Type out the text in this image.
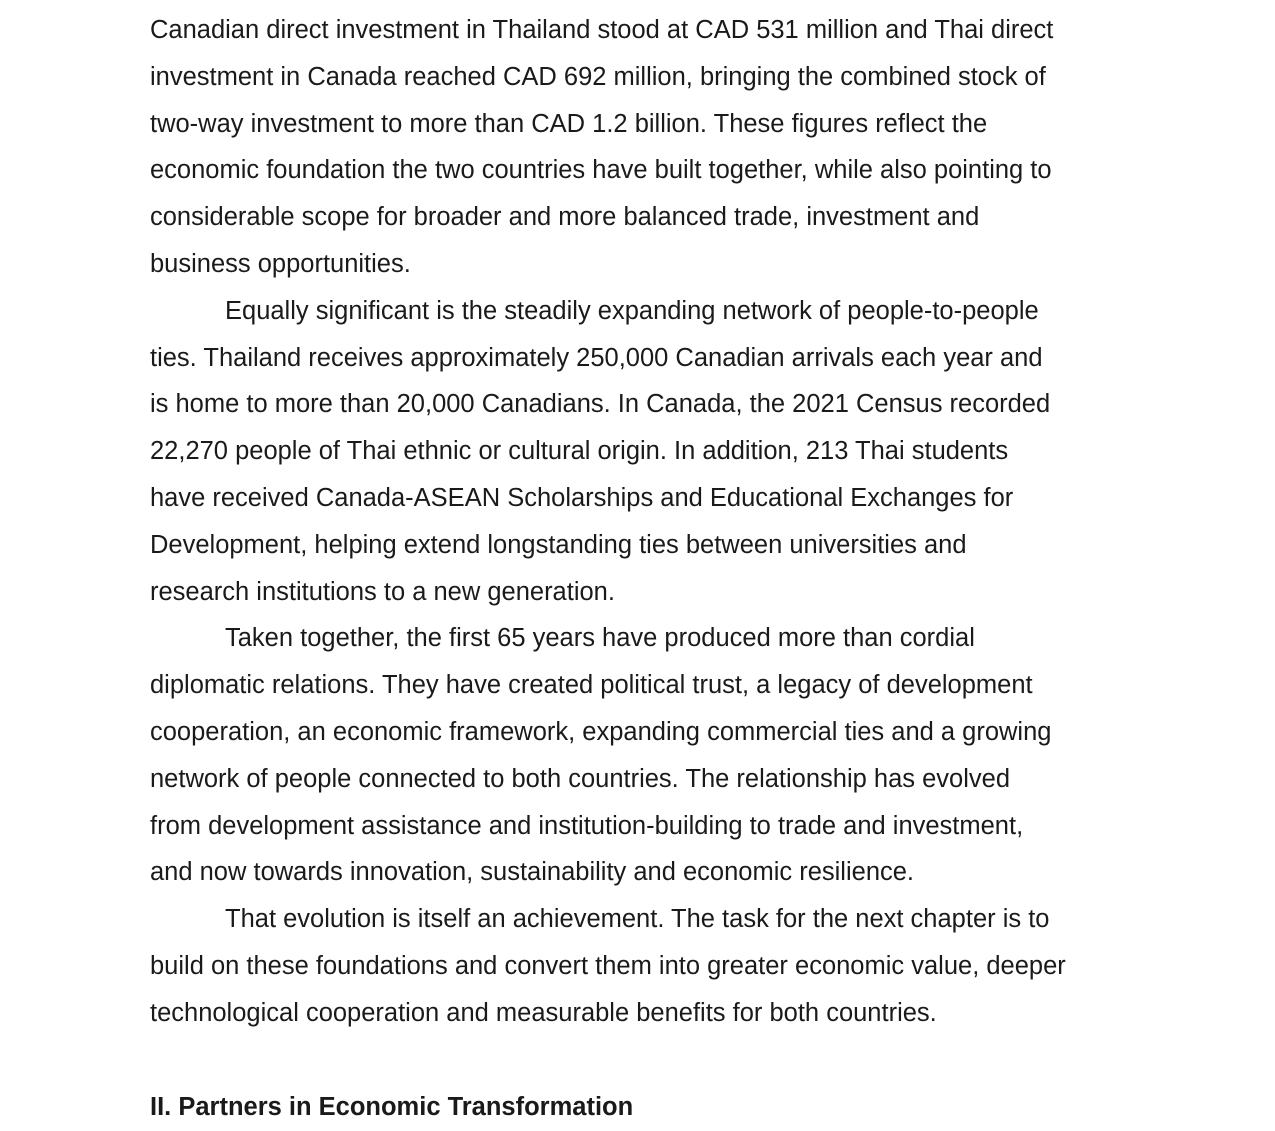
Canadian direct investment in Thailand stood at CAD 531 million and Thai direct
investment in Canada reached CAD 692 million, bringing the combined stock of
two-way investment to more than CAD 1.2 billion. These figures reflect the
economic foundation the two countries have built together, while also pointing to
considerable scope for broader and more balanced trade, investment and
business opportunities.

Equally significant is the steadily expanding network of people-to-people
ties. Thailand receives approximately 250,000 Canadian arrivals each year and
is home to more than 20,000 Canadians. In Canada, the 2021 Census recorded
22,270 people of Thai ethnic or cultural origin. In addition, 213 Thai students
have received Canada-ASEAN Scholarships and Educational Exchanges for
Development, helping extend longstanding ties between universities and
research institutions to a new generation.

Taken together, the first 65 years have produced more than cordial
diplomatic relations. They have created political trust, a legacy of development
cooperation, an economic framework, expanding commercial ties and a growing
network of people connected to both countries. The relationship has evolved
from development assistance and institution-building to trade and investment,
and now towards innovation, sustainability and economic resilience.

That evolution is itself an achievement. The task for the next chapter is to
build on these foundations and convert them into greater economic value, deeper
technological cooperation and measurable benefits for both countries.

II. Partners in Economic Transformation
